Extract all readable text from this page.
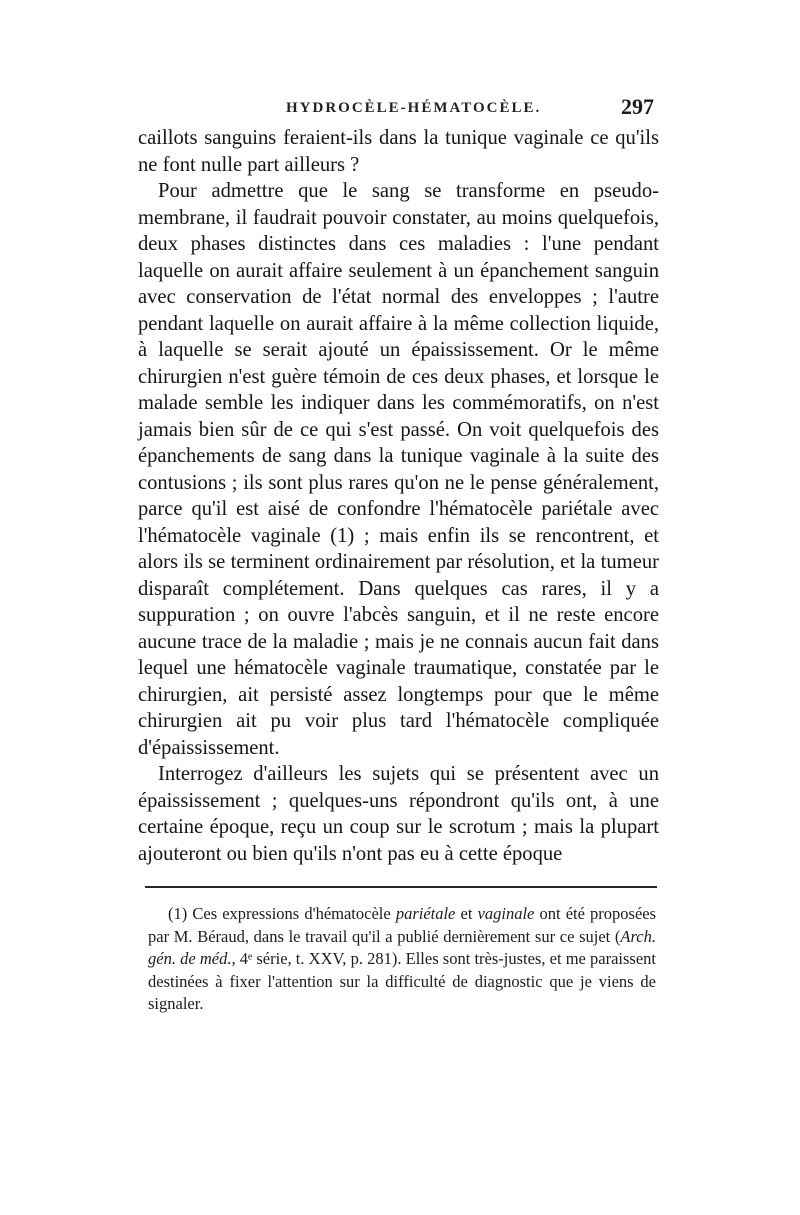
HYDROCÈLE-HÉMATOCÈLE.	297

caillots sanguins feraient-ils dans la tunique vaginale ce qu'ils ne font nulle part ailleurs ?

Pour admettre que le sang se transforme en pseudo-membrane, il faudrait pouvoir constater, au moins quelquefois, deux phases distinctes dans ces maladies : l'une pendant laquelle on aurait affaire seulement à un épanchement sanguin avec conservation de l'état normal des enveloppes ; l'autre pendant laquelle on aurait affaire à la même collection liquide, à laquelle se serait ajouté un épaississement. Or le même chirurgien n'est guère témoin de ces deux phases, et lorsque le malade semble les indiquer dans les commémoratifs, on n'est jamais bien sûr de ce qui s'est passé. On voit quelquefois des épanchements de sang dans la tunique vaginale à la suite des contusions ; ils sont plus rares qu'on ne le pense généralement, parce qu'il est aisé de confondre l'hématocèle pariétale avec l'hématocèle vaginale (1) ; mais enfin ils se rencontrent, et alors ils se terminent ordinairement par résolution, et la tumeur disparaît complétement. Dans quelques cas rares, il y a suppuration ; on ouvre l'abcès sanguin, et il ne reste encore aucune trace de la maladie ; mais je ne connais aucun fait dans lequel une hématocèle vaginale traumatique, constatée par le chirurgien, ait persisté assez longtemps pour que le même chirurgien ait pu voir plus tard l'hématocèle compliquée d'épaississement.

Interrogez d'ailleurs les sujets qui se présentent avec un épaississement ; quelques-uns répondront qu'ils ont, à une certaine époque, reçu un coup sur le scrotum ; mais la plupart ajouteront ou bien qu'ils n'ont pas eu à cette époque

(1) Ces expressions d'hématocèle pariétale et vaginale ont été proposées par M. Béraud, dans le travail qu'il a publié dernièrement sur ce sujet (Arch. gén. de méd., 4ᵉ série, t. XXV, p. 281). Elles sont très-justes, et me paraissent destinées à fixer l'attention sur la difficulté de diagnostic que je viens de signaler.
